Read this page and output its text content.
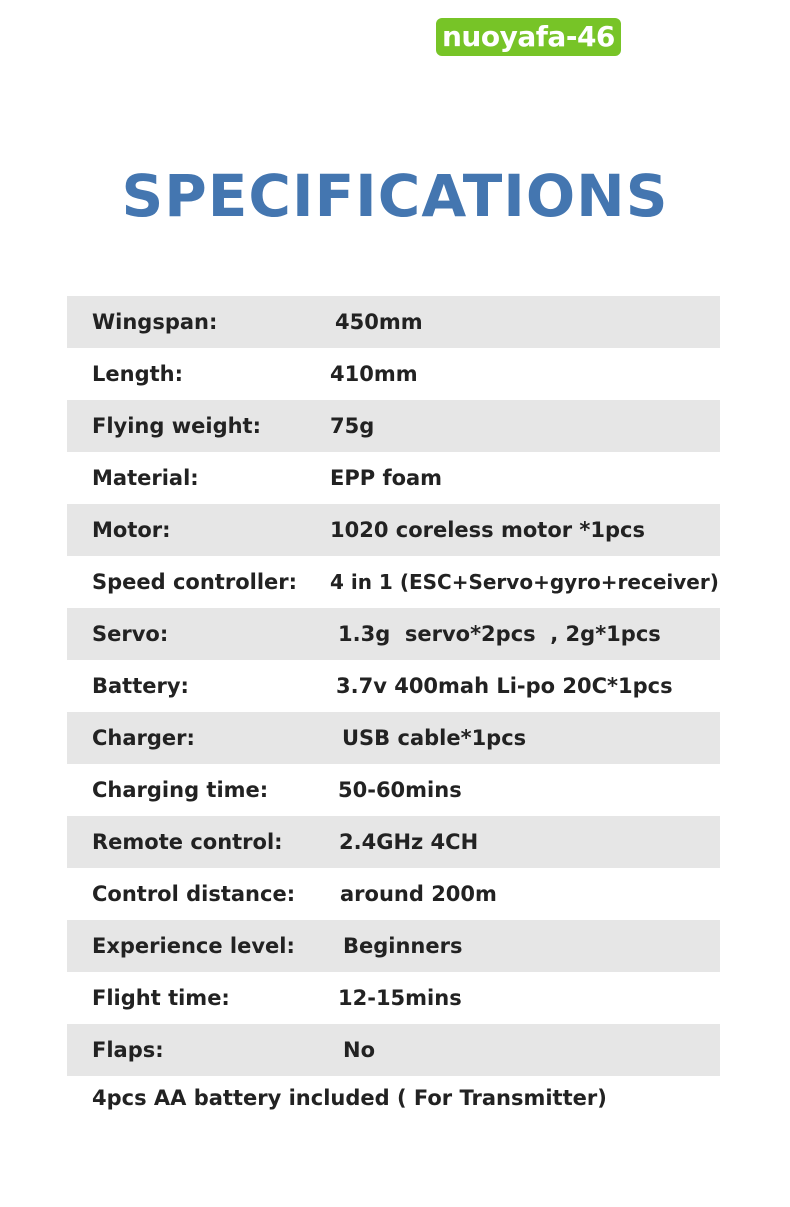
nuoyafa-46
SPECIFICATIONS
Wingspan:	450mm
Length:	410mm
Flying weight:	75g
Material:	EPP foam
Motor:	1020 coreless motor *1pcs
Speed controller: 4 in 1 (ESC+Servo+gyro+receiver)
Servo:	1.3g  servo*2pcs  , 2g*1pcs
Battery:	3.7v 400mah Li-po 20C*1pcs
Charger:	USB cable*1pcs
Charging time:	50-60mins
Remote control:	2.4GHz 4CH
Control distance: around 200m
Experience level: Beginners
Flight time:	12-15mins
Flaps:	No
4pcs AA battery included ( For Transmitter)
